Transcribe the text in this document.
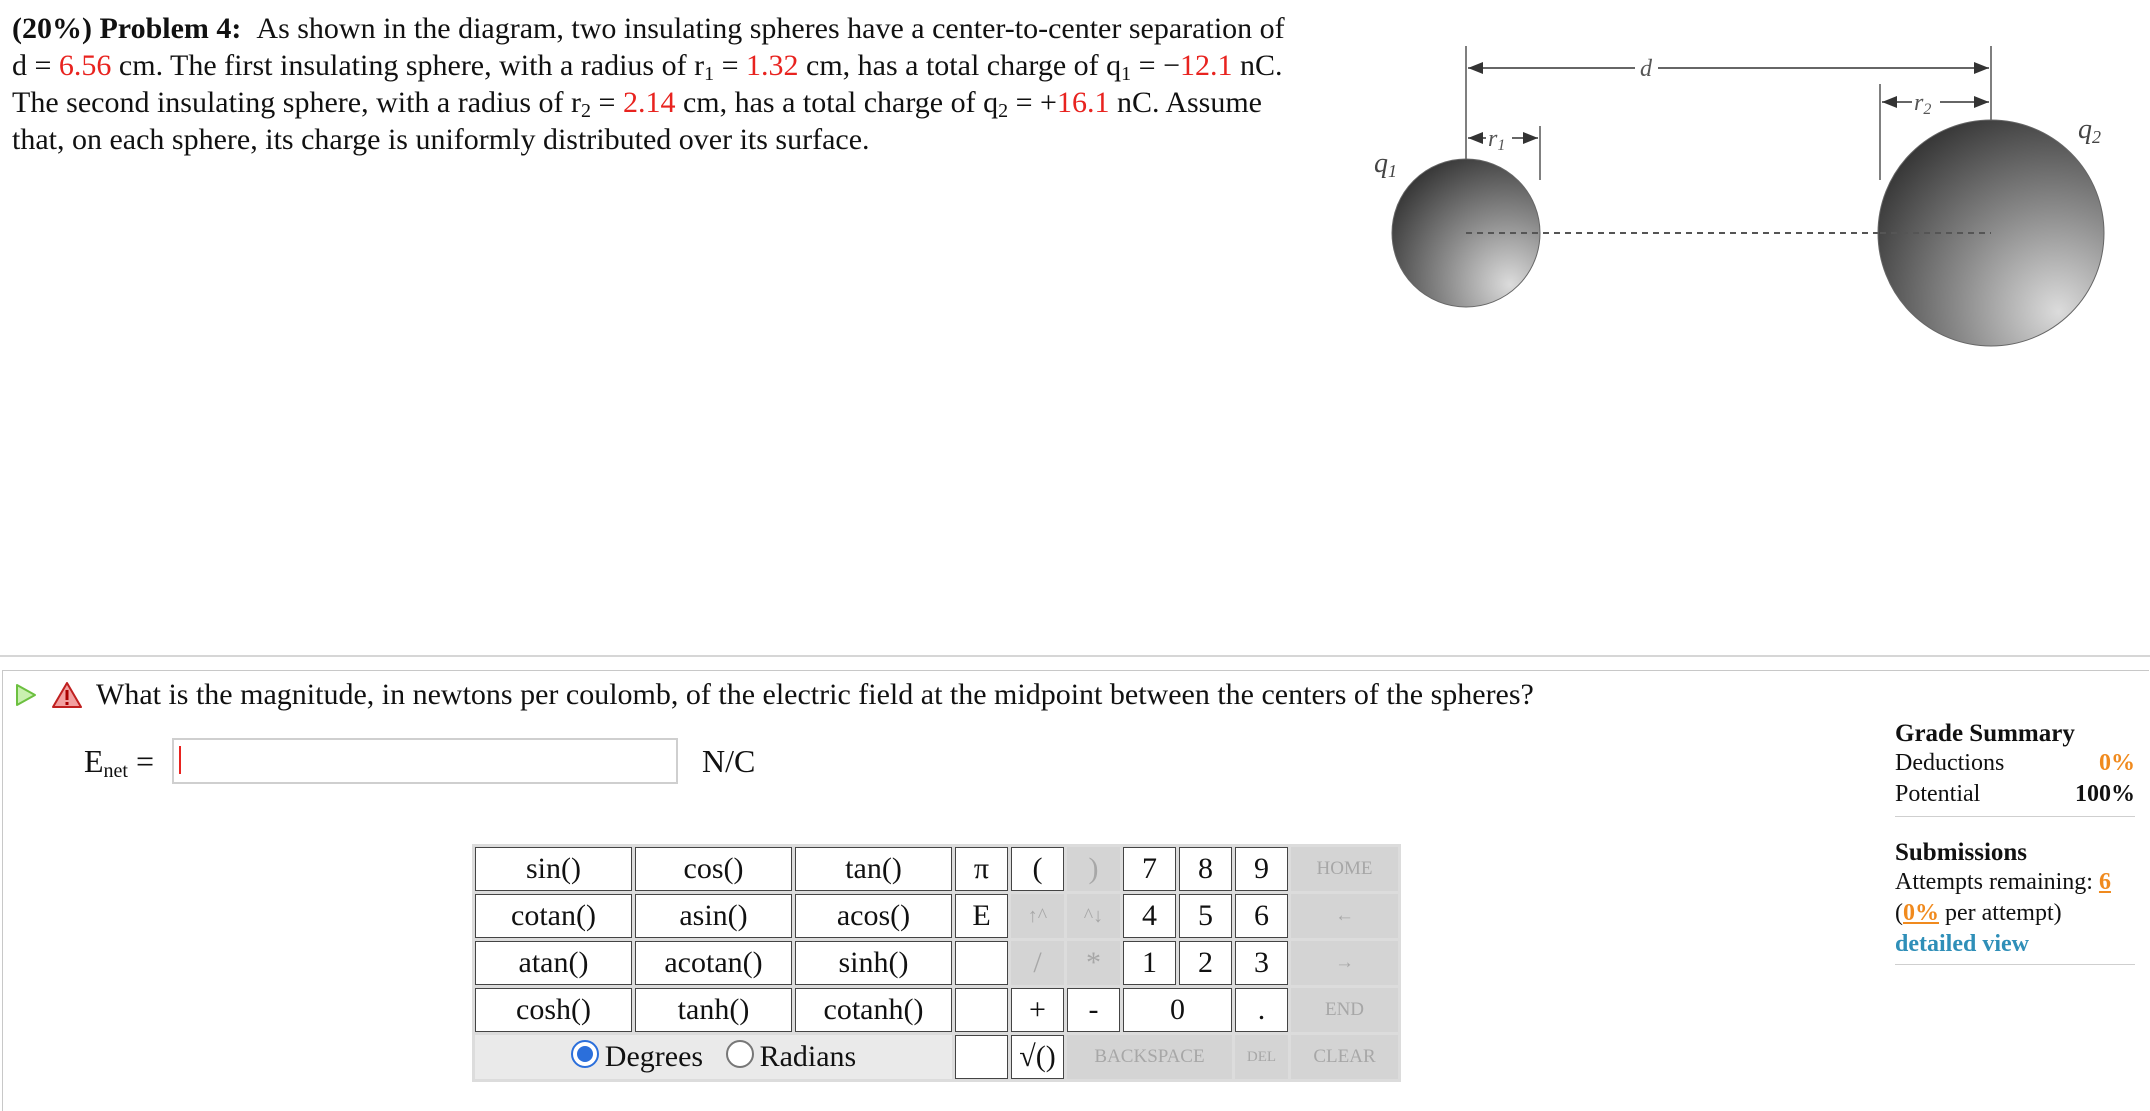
(20%) Problem 4: As shown in the diagram, two insulating spheres have a center-to-center separation of d = 6.56 cm. The first insulating sphere, with a radius of $r_1 = 1.32$ cm, has a total charge of $q_1 = -12.1$ nC. The second insulating sphere, with a radius of $r_2 = 2.14$ cm, has a total charge of $q_2 = +16.1$ nC. Assume that, on each sphere, its charge is uniformly distributed over its surface.
d
r2
r1
q1
q2
What is the magnitude, in newtons per coulomb, of the electric field at the midpoint between the centers of the spheres?
$E_{net}$ =	N/C
sin()	cos()	tan()	π	(	)	7	8	9	HOME
cotan()	asin()	acos()	E	↑^	^↓	4	5	6	←
atan()	acotan()	sinh()		/	*	1	2	3	→
cosh()	tanh()	cotanh()		+	-	0		.	END
Degrees Radians				√()	BACKSPACE			DEL	CLEAR
Grade Summary
Deductions	0%
Potential	100%
Submissions
Attempts remaining: 6
(0% per attempt)
detailed view
